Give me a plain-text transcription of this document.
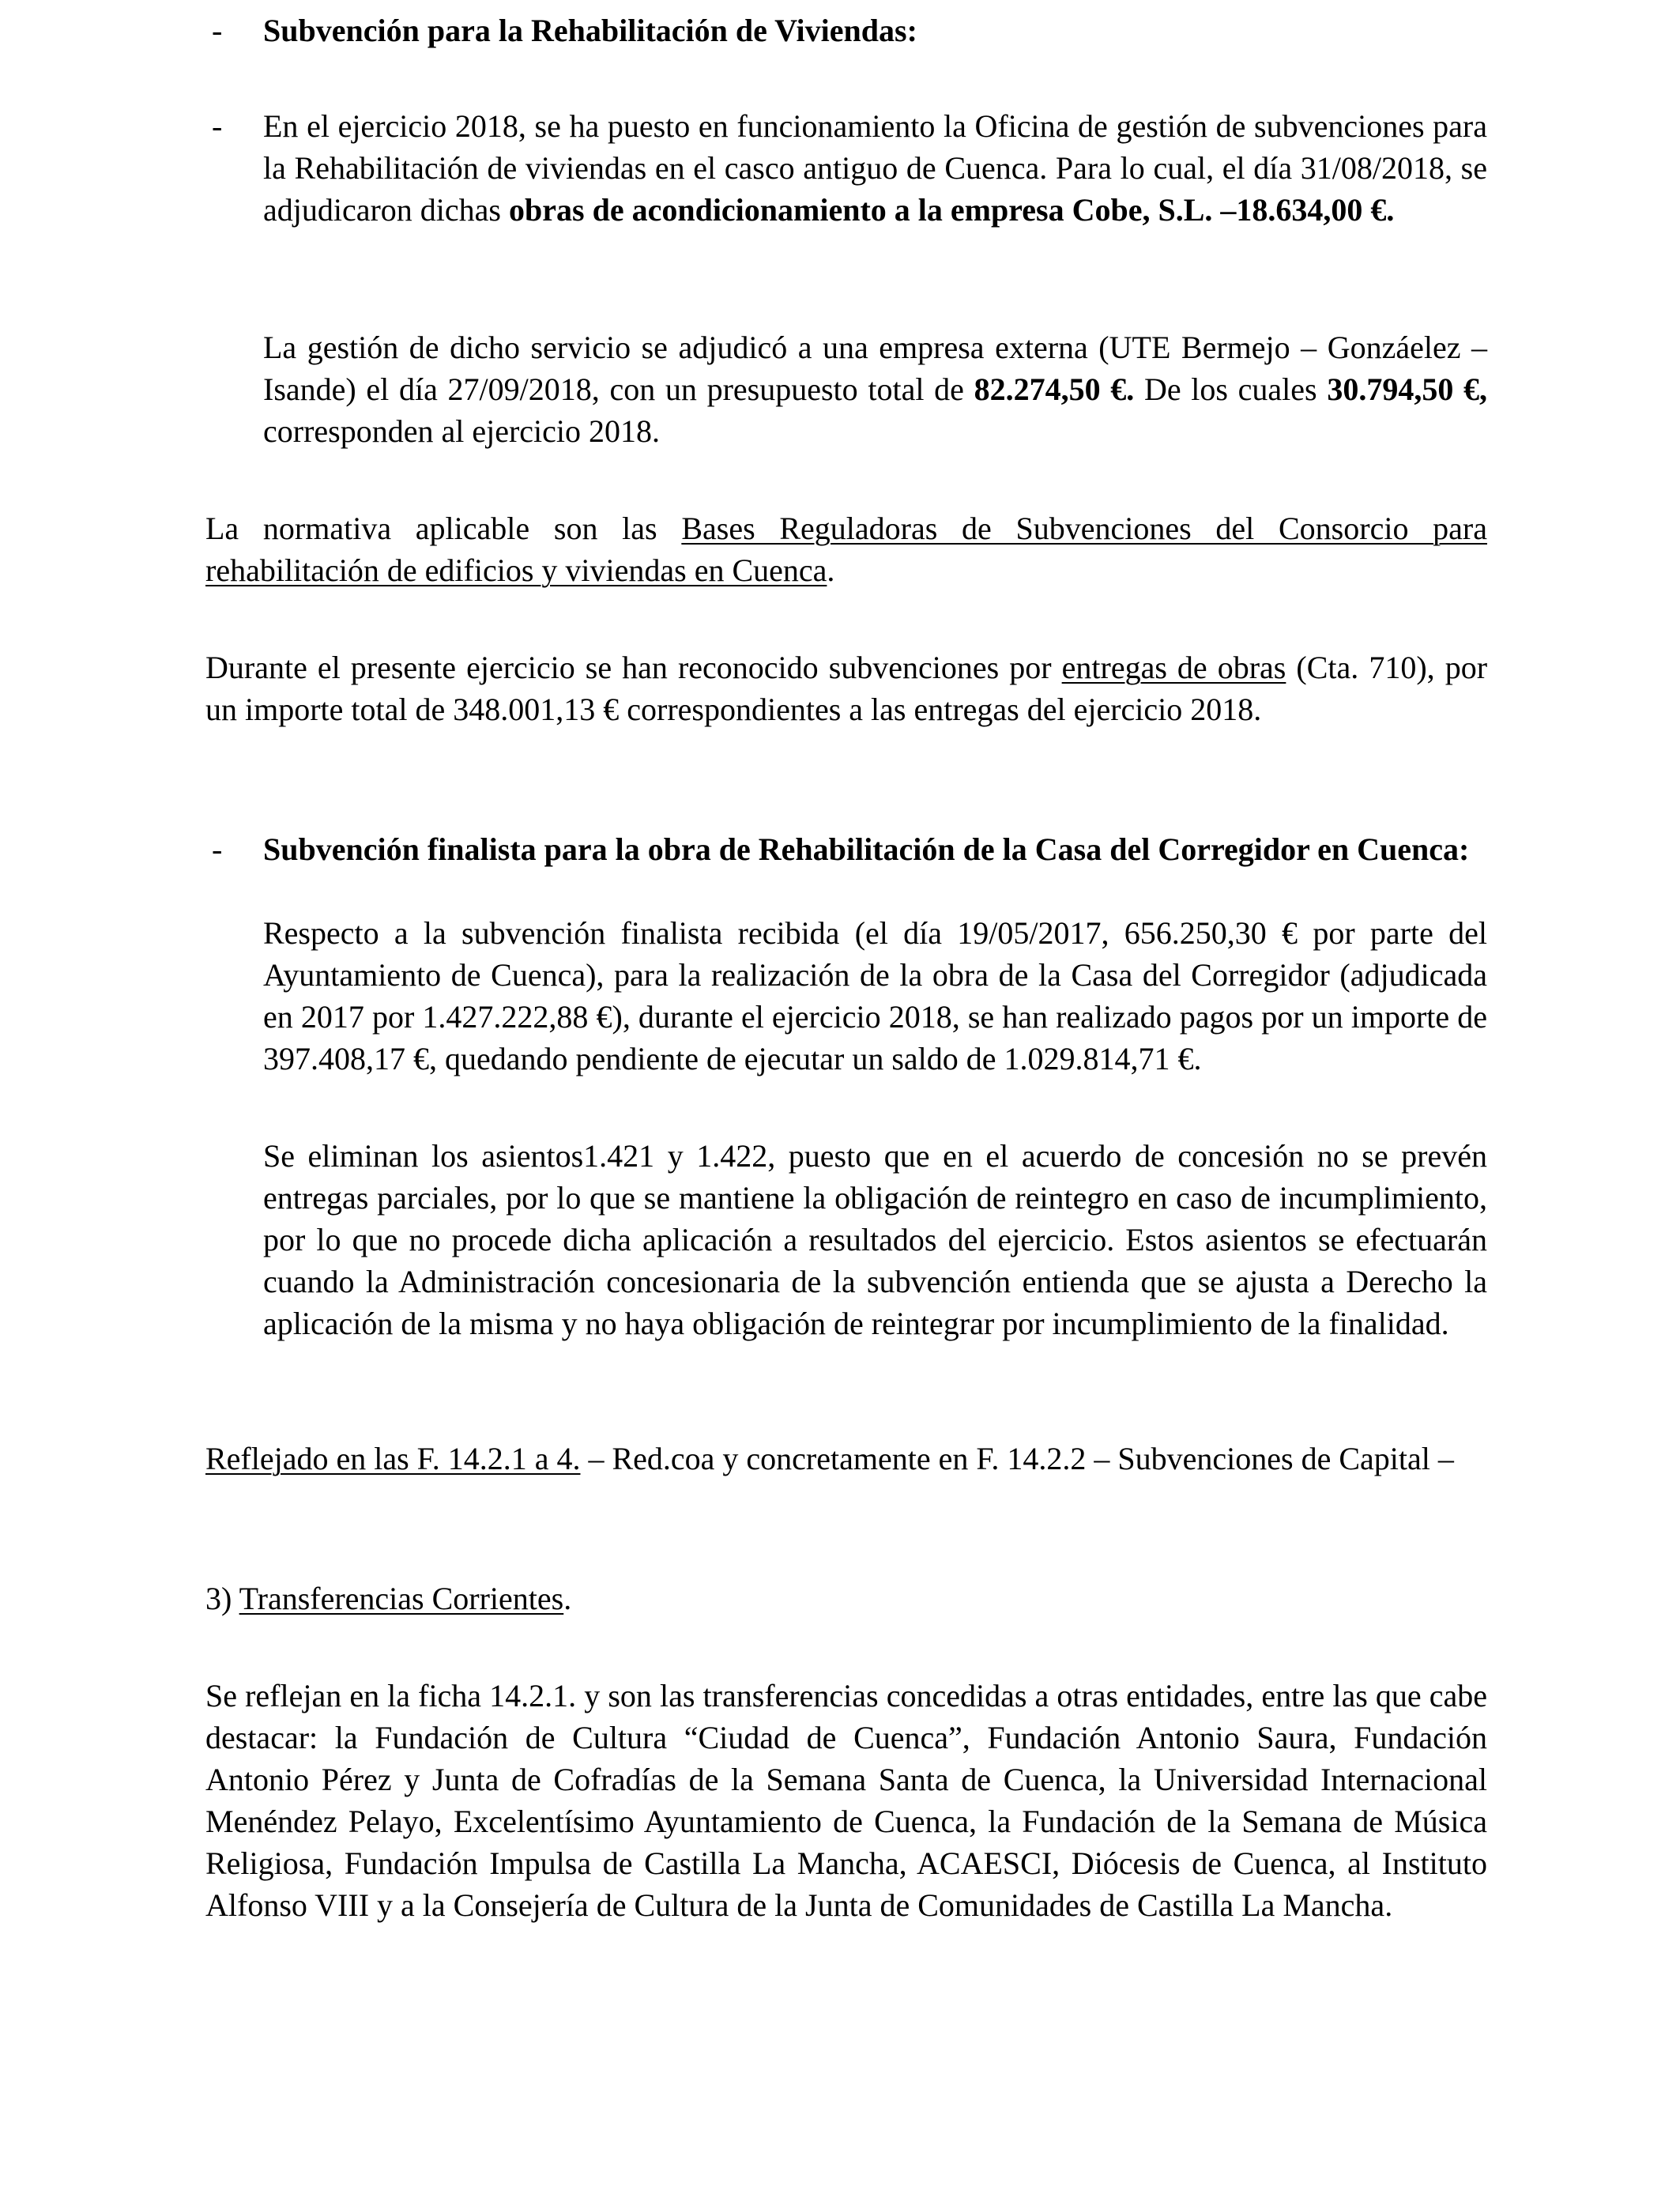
- Subvención para la Rehabilitación de Viviendas:

- En el ejercicio 2018, se ha puesto en funcionamiento la Oficina de gestión de subvenciones para la Rehabilitación de viviendas en el casco antiguo de Cuenca. Para lo cual, el día 31/08/2018, se adjudicaron dichas obras de acondicionamiento a la empresa Cobe, S.L. –18.634,00 €.

La gestión de dicho servicio se adjudicó a una empresa externa (UTE Bermejo – Gonzáelez – Isande) el día 27/09/2018, con un presupuesto total de 82.274,50 €. De los cuales 30.794,50 €, corresponden al ejercicio 2018.

La normativa aplicable son las Bases Reguladoras de Subvenciones del Consorcio para rehabilitación de edificios y viviendas en Cuenca.

Durante el presente ejercicio se han reconocido subvenciones por entregas de obras (Cta. 710), por un importe total de 348.001,13 € correspondientes a las entregas del ejercicio 2018.

- Subvención finalista para la obra de Rehabilitación de la Casa del Corregidor en Cuenca:

Respecto a la subvención finalista recibida (el día 19/05/2017, 656.250,30 € por parte del Ayuntamiento de Cuenca), para la realización de la obra de la Casa del Corregidor (adjudicada en 2017 por 1.427.222,88 €), durante el ejercicio 2018, se han realizado pagos por un importe de 397.408,17 €, quedando pendiente de ejecutar un saldo de 1.029.814,71 €.

Se eliminan los asientos1.421 y 1.422, puesto que en el acuerdo de concesión no se prevén entregas parciales, por lo que se mantiene la obligación de reintegro en caso de incumplimiento, por lo que no procede dicha aplicación a resultados del ejercicio. Estos asientos se efectuarán cuando la Administración concesionaria de la subvención entienda que se ajusta a Derecho la aplicación de la misma y no haya obligación de reintegrar por incumplimiento de la finalidad.

Reflejado en las F. 14.2.1 a 4. – Red.coa y concretamente en F. 14.2.2 – Subvenciones de Capital –

3) Transferencias Corrientes.

Se reflejan en la ficha 14.2.1. y son las transferencias concedidas a otras entidades, entre las que cabe destacar: la Fundación de Cultura “Ciudad de Cuenca”, Fundación Antonio Saura, Fundación Antonio Pérez y Junta de Cofradías de la Semana Santa de Cuenca, la Universidad Internacional Menéndez Pelayo, Excelentísimo Ayuntamiento de Cuenca, la Fundación de la Semana de Música Religiosa, Fundación Impulsa de Castilla La Mancha, ACAESCI, Diócesis de Cuenca, al Instituto Alfonso VIII y a la Consejería de Cultura de la Junta de Comunidades de Castilla La Mancha.
